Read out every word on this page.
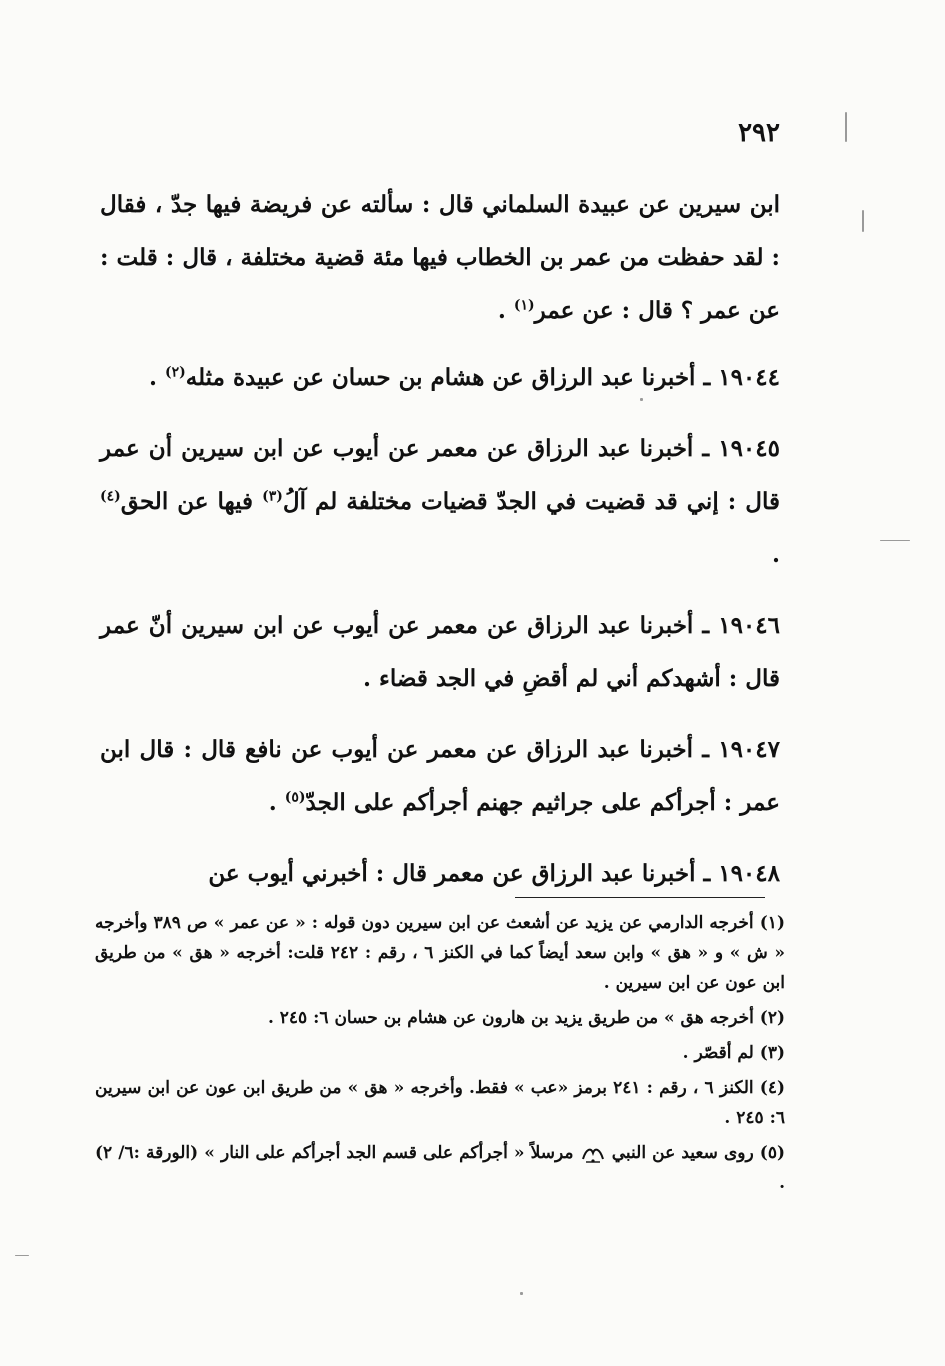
٢٩٢

ابن سيرين عن عبيدة السلماني قال : سألته عن فريضة فيها جدّ ، فقال : لقد حفظت من عمر بن الخطاب فيها مئة قضية مختلفة ، قال : قلت : عن عمر ؟ قال : عن عمر$^{(١)}$ .

١٩٠٤٤ ـ أخبرنا عبد الرزاق عن هشام بن حسان عن عبيدة مثله$^{(٢)}$ .

١٩٠٤٥ ـ أخبرنا عبد الرزاق عن معمر عن أيوب عن ابن سيرين أن عمر قال : إني قد قضيت في الجدّ قضيات مختلفة لم آلُ$^{(٣)}$ فيها عن الحق$^{(٤)}$ .

١٩٠٤٦ ـ أخبرنا عبد الرزاق عن معمر عن أيوب عن ابن سيرين أنّ عمر قال : أشهدكم أني لم أقضِ في الجد قضاء .

١٩٠٤٧ ـ أخبرنا عبد الرزاق عن معمر عن أيوب عن نافع قال : قال ابن عمر : أجرأكم على جراثيم جهنم أجرأكم على الجدّ$^{(٥)}$ .

١٩٠٤٨ ـ أخبرنا عبد الرزاق عن معمر قال : أخبرني أيوب عن

(١) أخرجه الدارمي عن يزيد عن أشعث عن ابن سيرين دون قوله : « عن عمر » ص ٣٨٩ وأخرجه « ش » و « هق » وابن سعد أيضاً كما في الكنز ٦ ، رقم : ٢٤٢ قلت: أخرجه « هق » من طريق ابن عون عن ابن سيرين .

(٢) أخرجه هق » من طريق يزيد بن هارون عن هشام بن حسان ٦: ٢٤٥ .

(٣) لم أقصّر .

(٤) الكنز ٦ ، رقم : ٢٤١ برمز «عب » فقط. وأخرجه « هق » من طريق ابن عون عن ابن سيرين ٦: ٢٤٥ .

(٥) روى سعيد عن النبي  مرسلاً « أجرأكم على قسم الجد أجرأكم على النار » (الورقة :٦/ ٢) .
